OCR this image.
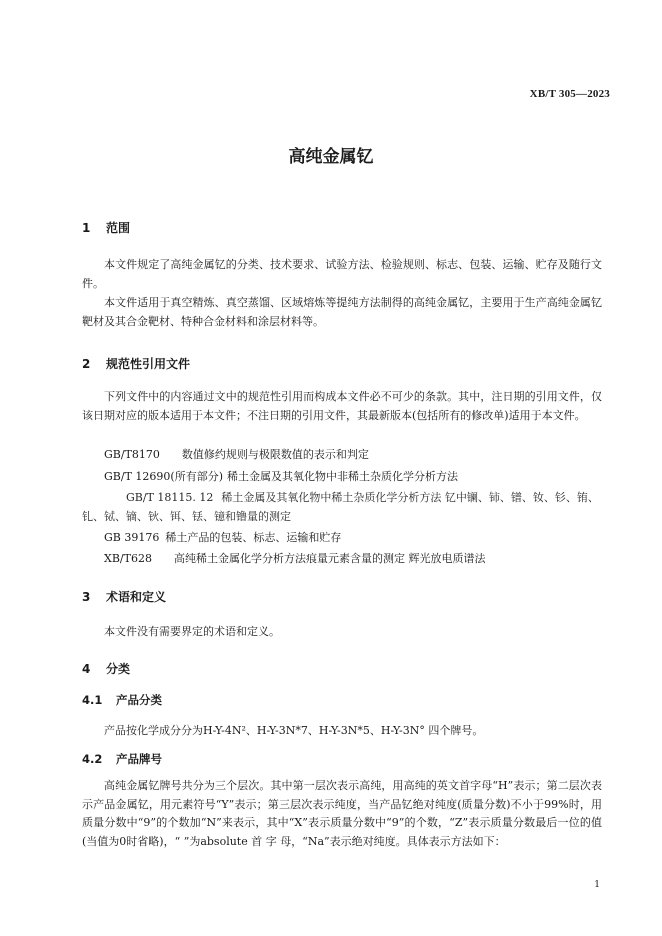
XB/T 305—2023
高纯金属钇
1 范围
本文件规定了高纯金属钇的分类、技术要求、试验方法、检验规则、标志、包装、运输、贮存及随行文件。
本文件适用于真空精炼、真空蒸馏、区域熔炼等提纯方法制得的高纯金属钇，主要用于生产高纯金属钇靶材及其合金靶材、特种合金材料和涂层材料等。
2 规范性引用文件
下列文件中的内容通过文中的规范性引用而构成本文件必不可少的条款。其中，注日期的引用文件，仅该日期对应的版本适用于本文件；不注日期的引用文件，其最新版本(包括所有的修改单)适用于本文件。
GB/T8170 数值修约规则与极限数值的表示和判定
GB/T 12690(所有部分) 稀土金属及其氧化物中非稀土杂质化学分析方法
GB/T 18115. 12 稀土金属及其氧化物中稀土杂质化学分析方法 钇中镧、铈、镨、钕、钐、铕、钆、铽、镝、钬、铒、铥、镱和镥量的测定
GB 39176 稀土产品的包装、标志、运输和贮存
XB/T628 高纯稀土金属化学分析方法痕量元素含量的测定 辉光放电质谱法
3 术语和定义
本文件没有需要界定的术语和定义。
4 分类
4.1 产品分类
产品按化学成分分为H-Y-4N²、H-Y-3N*7、H-Y-3N*5、H-Y-3N° 四个牌号。
4.2 产品牌号
高纯金属钇牌号共分为三个层次。其中第一层次表示高纯，用高纯的英文首字母“H”表示；第二层次表示产品金属钇，用元素符号“Y”表示；第三层次表示纯度，当产品钇绝对纯度(质量分数)不小于99%时，用质量分数中“9”的个数加“N”来表示，其中“X”表示质量分数中“9”的个数，“Z”表示质量分数最后一位的值(当值为0时省略)，“ ”为absolute 首 字 母，“Na”表示绝对纯度。具体表示方法如下：
1
